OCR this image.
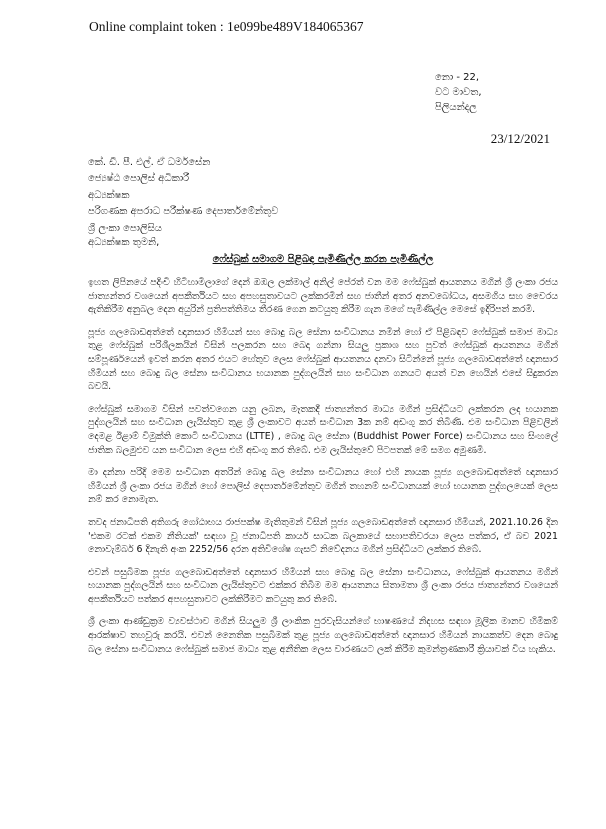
Online complaint token : 1e099be489V184065367
නො - 22,
වට මාවත,
පිලියන්දල
23/12/2021
කේ. ඩී. පී. එල්. ඒ ධර්මසේන
ජ්‍යෙෂ්ඨ පොලිස් අධිකාරී
අධ්‍යක්ෂක
පරිගණක අපරාධ පරීක්ෂණ දෙපාර්තමේන්තුව
ශ්‍රී ලංකා පොලිසිය
අධ්‍යක්ෂක තුමනි,
ෆේස්බුක් සමාගම පිළිබඳ පැමිණිල්ල කරන පැමිණිල්ල

ඉහත ලිපිනයේ පදිංචි හිටිහාමිලාගේ දෙන් ඔඹල ලක්මාල් අනිල් පේරත් වන මම ෆේස්බුක් ආයතනය මගින් ශ්‍රී ලංකා රජය ජාත්‍යන්තර වශයෙන් අපකීර්තියට සහ අපහසුතාවයට ලක්කරමින් සහ ජාතීන් අතර අනවබෝධය, අසමගිය සහ වෛරය ඇතිකිරීම අනුබල දෙන අයුරින් ප්‍රතිපත්තිමය තීරණ ගෙන කටයුතු කිරීම ගැන මගේ පැමිණිල්ල මෙසේ ඉදිරිපත් කරමි.

පූජ්‍ය ගලබොඩඅත්තේ ඥානසාර හිමියන් සහ බොදු බල සේනා සංවිධානය නමින් හෝ ඒ පිළිබඳව ෆේස්බුක් සමාජ මාධ්‍ය තුළ ෆේස්බුක් පරිශීලකයින් විසින් පලකරන සහ බෙදා ගන්නා සියලු ප්‍රකාශ සහ පුවත් ෆේස්බුක් ආයතනය මගින් සම්පූර්ණයෙන් ඉවත් කරන අතර එයට හේතුව ලෙස ෆේස්බුක් ආයතනය දනවා සිටින්නේ පූජ්‍ය ගලබොඩඅත්තේ ඥානසාර හිමියන් සහ බොදු බල සේනා සංවිධානය භයානක පුද්ගලයින් සහ සංවිධාන ගනයට අයත් වන හෙයින් එසේ සිදුකරන බවයි.

ෆේස්බුක් සමාගම විසින් පවත්වගෙන යනු ලබන, මෑතකදී ජාත්‍යන්තර මාධ්‍ය මගින් ප්‍රසිද්ධියට ලක්කරන ලද භයානක පුද්ගලයින් සහ සංවිධාන ලැයිස්තුව තුළ ශ්‍රී ලංකාවට අයත් සංවිධාන 3ක නම් අඩංගු කර තිබිණි. එම සංවිධාන පිළිවලින් දෙමළ ඊළාම් විමුක්ති කොටි සංවිධානය (LTTE) , බොදු බල සේනා (Buddhist Power Force) සංවිධානය සහ සිංහලේ ජාතික බලමුළුව යන සංවිධාන ලෙස එහි අඩංගු කර තිබේ. එම ලැයිස්තුවේ පිටපතක් මේ සමග අමුණමි.

මා දන්නා පරිදි මෙම සංවිධාන අතරින් බොදු බල සේනා සංවිධානය හෝ එහි නායක පූජ්‍ය ගලබොඩඅත්තේ ඥානසාර හිමියන් ශ්‍රී ලංකා රජය මගින් හෝ පොලිස් දෙපාර්තමේන්තුව මගින් තහනම් සංවිධානයක් හෝ භයානක පුද්ගලයෙක් ලෙස නම් කර නොමැත.

තවද ජනාධිපති අතිගරු ගෝඨාභය රාජපක්ෂ මැතිතුමන් විසින් පූජ්‍ය ගලබොඩඅත්තේ ඥානසාර හිමියන්, 2021.10.26 දින 'එකම රටක් එකම නීතියක්' සඳහා වූ ජනාධිපති කාර්ය සාධක බලකායේ සභාපතිවරයා ලෙස පත්කර, ඒ බව 2021 නොවැම්බර් 6 දිනැති අංක 2252/56 දරන අතිවිශේෂ ගැසට් නිවේදනය මගින් ප්‍රසිද්ධියට ලක්කර තිබේ.

එවන් පසුබිමක පූජ්‍ය ගලබොඩඅත්තේ ඥානසාර හිමියන් සහ බොදු බල සේනා සංවිධානය, ෆේස්බුක් ආයතනය මගින් භයානක පුද්ගලයින් සහ සංවිධාන ලැයිස්තුවට එක්කර තිබීම මම ආයතනය සිතාමතා ශ්‍රී ලංකා රජය ජාත්‍යන්තර වශයෙන් අපකීර්තියට පත්කර අපහසුතාවට ලක්කිරීමට කටයුතු කර තිබේ.

ශ්‍රී ලංකා ආණ්ඩුක්‍රම ව්‍යවස්ථාව මගින් සියලුම ශ්‍රී ලාංකික පුරවැසියන්ගේ භාෂණයේ නිදහස සඳහා මූලික මානව හිමිකම් ආරක්ෂාව තහවුරු කරයි. එවන් නෛතික පසුබිමක් තුළ පූජ්‍ය ගලබොඩඅත්තේ ඥානසාර හිමියන් නායකත්ව දෙන බොදු බල සේනා සංවිධානය ෆේස්බුක් සමාජ මාධ්‍ය තුළ අනීතික ලෙස වාරණයට ලක් කිරීම කුමන්ත්‍රණකාරී ක්‍රියාවක් විය හැකිය.
